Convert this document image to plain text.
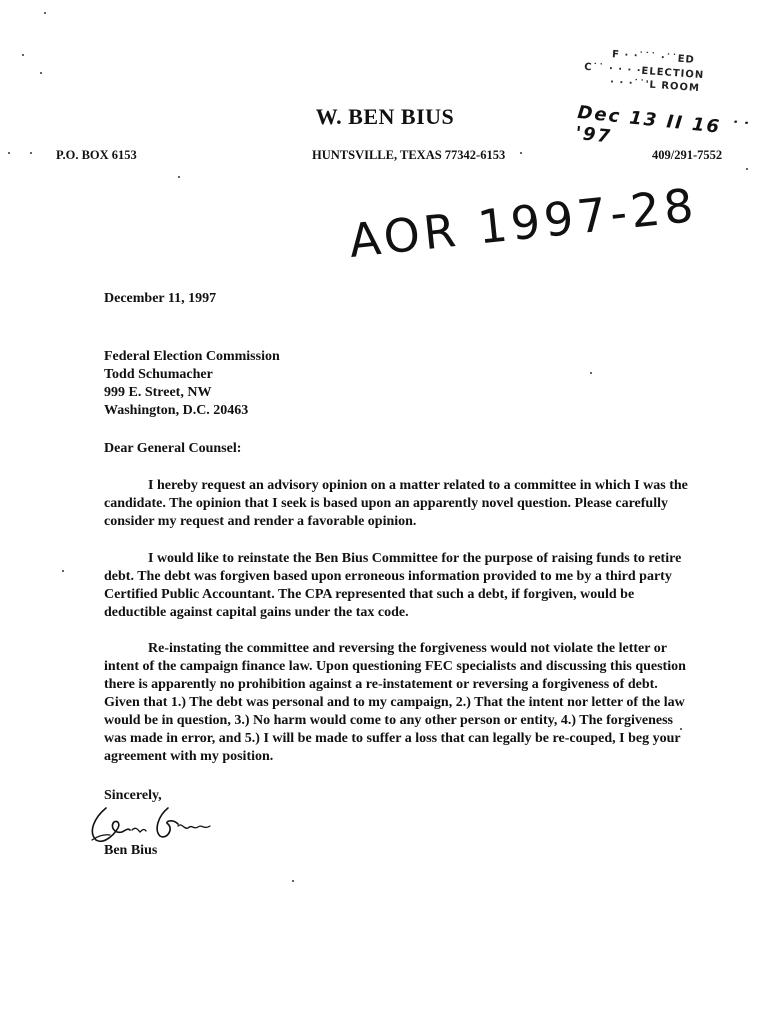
W. BEN BIUS
P.O. BOX 6153	HUNTSVILLE, TEXAS 77342-6153	409/291-7552
F · ·˙˙˙ ·˙˙ED
C˙˙ · · · ·ELECTION
· · ·˙˙'L ROOM
Dec 13 II 16 ˙˙ '97
AOR 1997-28
December 11, 1997
Federal Election Commission
Todd Schumacher
999 E. Street, NW
Washington, D.C. 20463
Dear General Counsel:
I hereby request an advisory opinion on a matter related to a committee in which I was the
candidate. The opinion that I seek is based upon an apparently novel question. Please carefully
consider my request and render a favorable opinion.
I would like to reinstate the Ben Bius Committee for the purpose of raising funds to retire
debt. The debt was forgiven based upon erroneous information provided to me by a third party
Certified Public Accountant. The CPA represented that such a debt, if forgiven, would be
deductible against capital gains under the tax code.
Re-instating the committee and reversing the forgiveness would not violate the letter or
intent of the campaign finance law. Upon questioning FEC specialists and discussing this question
there is apparently no prohibition against a re-instatement or reversing a forgiveness of debt.
Given that 1.) The debt was personal and to my campaign, 2.) That the intent nor letter of the law
would be in question, 3.) No harm would come to any other person or entity, 4.) The forgiveness
was made in error, and 5.) I will be made to suffer a loss that can legally be re-couped, I beg your
agreement with my position.
Sincerely,
Ben Bius
